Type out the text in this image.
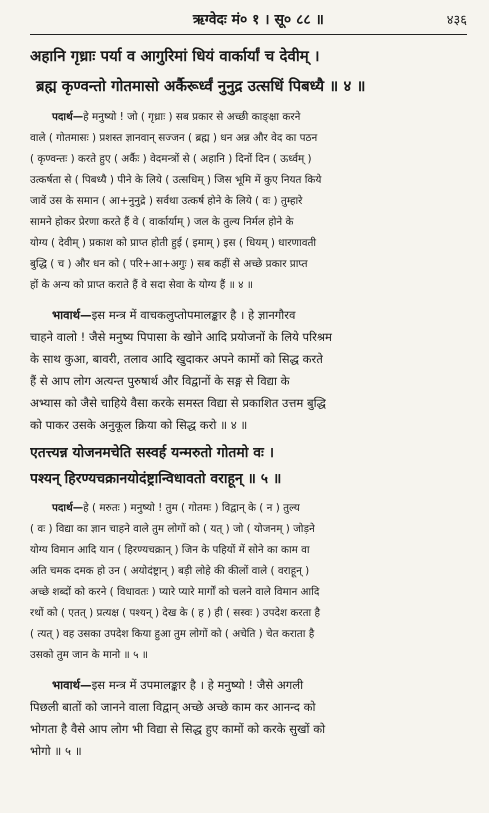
ऋग्वेदः मं० १ । सू० ८८ ॥	४३६
अहानि गृध्राः पर्या व आगुरिमां धियं वार्कार्यां च देवीम् ।
ब्रह्म कृण्वन्तो गोतमासो अर्कैरूर्ध्वं नुनुद्र उत्सधिं पिबध्यै ॥ ४ ॥
पदार्थ—हे मनुष्यो ! जो ( गृध्राः ) सब प्रकार से अच्छी काङ्क्षा करने
वाले ( गोतमासः ) प्रशस्त ज्ञानवान् सज्जन ( ब्रह्म ) धन अन्न और वेद का पठन
( कृण्वन्तः ) करते हुए ( अर्कैः ) वेदमन्त्रों से ( अहानि ) दिनों दिन ( ऊर्ध्वम् )
उत्कर्षता से ( पिबध्यै ) पीने के लिये ( उत्सधिम् ) जिस भूमि में कुए नियत किये
जावें उस के समान ( आ+नुनुद्रे ) सर्वथा उत्कर्ष होने के लिये ( वः ) तुम्हारे
सामने होकर प्रेरणा करते हैं वे ( वार्कार्याम् ) जल के तुल्य निर्मल होने के
योग्य ( देवीम् ) प्रकाश को प्राप्त होती हुई ( इमाम् ) इस ( धियम् ) धारणावती
बुद्धि ( च ) और धन को ( परि+आ+अगुः ) सब कहीं से अच्छे प्रकार प्राप्त
हों के अन्य को प्राप्त कराते हैं वे सदा सेवा के योग्य हैं ॥ ४ ॥
भावार्थ—इस मन्त्र में वाचकलुप्तोपमालङ्कार है । हे ज्ञानगौरव
चाहने वालो ! जैसे मनुष्य पिपासा के खोने आदि प्रयोजनों के लिये परिश्रम
के साथ कुआ, बावरी, तलाव आदि खुदाकर अपने कामों को सिद्ध करते
हैं से आप लोग अत्यन्त पुरुषार्थ और विद्वानों के सङ्ग से विद्या के
अभ्यास को जैसे चाहिये वैसा करके समस्त विद्या से प्रकाशित उत्तम बुद्धि
को पाकर उसके अनुकूल क्रिया को सिद्ध करो ॥ ४ ॥
एतत्त्यन्न योजनमचेति सस्वर्ह यन्मरुतो गोतमो वः ।
पश्यन् हिरण्यचक्रानयोदंष्ट्रान्विधावतो वराहून् ॥ ५ ॥
पदार्थ—हे ( मरुतः ) मनुष्यो ! तुम ( गोतमः ) विद्वान् के ( न ) तुल्य
( वः ) विद्या का ज्ञान चाहने वाले तुम लोगों को ( यत् ) जो ( योजनम् ) जोड़ने
योग्य विमान आदि यान ( हिरण्यचक्रान् ) जिन के पहियों में सोने का काम वा
अति चमक दमक हो उन ( अयोदंष्ट्रान् ) बड़ी लोहे की कीलों वाले ( वराहून् )
अच्छे शब्दों को करने ( विधावतः ) प्यारे प्यारे मार्गों को चलने वाले विमान आदि
रथों को ( एतत् ) प्रत्यक्ष ( पश्यन् ) देख के ( ह ) ही ( सस्वः ) उपदेश करता है
( त्यत् ) वह उसका उपदेश किया हुआ तुम लोगों को ( अचेति ) चेत कराता है
उसको तुम जान के मानो ॥ ५ ॥
भावार्थ—इस मन्त्र में उपमालङ्कार है । हे मनुष्यो ! जैसे अगली
पिछली बातों को जानने वाला विद्वान् अच्छे अच्छे काम कर आनन्द को
भोगता है वैसे आप लोग भी विद्या से सिद्ध हुए कामों को करके सुखों को
भोगो ॥ ५ ॥
